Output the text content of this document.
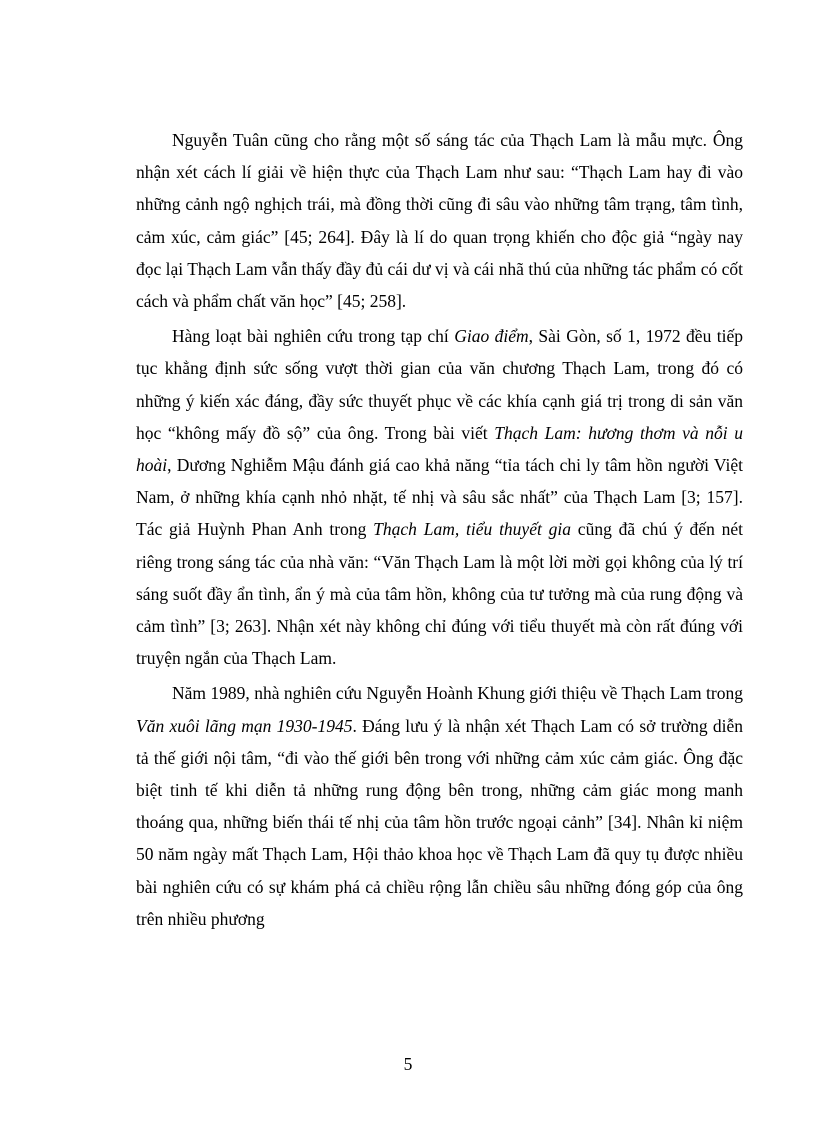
Nguyễn Tuân cũng cho rằng một số sáng tác của Thạch Lam là mẫu mực. Ông nhận xét cách lí giải về hiện thực của Thạch Lam như sau: “Thạch Lam hay đi vào những cảnh ngộ nghịch trái, mà đồng thời cũng đi sâu vào những tâm trạng, tâm tình, cảm xúc, cảm giác” [45; 264]. Đây là lí do quan trọng khiến cho độc giả “ngày nay đọc lại Thạch Lam vẫn thấy đầy đủ cái dư vị và cái nhã thú của những tác phẩm có cốt cách và phẩm chất văn học” [45; 258].

Hàng loạt bài nghiên cứu trong tạp chí Giao điểm, Sài Gòn, số 1, 1972 đều tiếp tục khẳng định sức sống vượt thời gian của văn chương Thạch Lam, trong đó có những ý kiến xác đáng, đầy sức thuyết phục về các khía cạnh giá trị trong di sản văn học “không mấy đồ sộ” của ông. Trong bài viết Thạch Lam: hương thơm và nỗi u hoài, Dương Nghiễm Mậu đánh giá cao khả năng “tỉa tách chi ly tâm hồn người Việt Nam, ở những khía cạnh nhỏ nhặt, tế nhị và sâu sắc nhất” của Thạch Lam [3; 157]. Tác giả Huỳnh Phan Anh trong Thạch Lam, tiểu thuyết gia cũng đã chú ý đến nét riêng trong sáng tác của nhà văn: “Văn Thạch Lam là một lời mời gọi không của lý trí sáng suốt đầy ẩn tình, ẩn ý mà của tâm hồn, không của tư tưởng mà của rung động và cảm tình” [3; 263]. Nhận xét này không chỉ đúng với tiểu thuyết mà còn rất đúng với truyện ngắn của Thạch Lam.

Năm 1989, nhà nghiên cứu Nguyễn Hoành Khung giới thiệu về Thạch Lam trong Văn xuôi lãng mạn 1930-1945. Đáng lưu ý là nhận xét Thạch Lam có sở trường diễn tả thế giới nội tâm, “đi vào thế giới bên trong với những cảm xúc cảm giác. Ông đặc biệt tinh tế khi diễn tả những rung động bên trong, những cảm giác mong manh thoáng qua, những biến thái tế nhị của tâm hồn trước ngoại cảnh” [34]. Nhân kỉ niệm 50 năm ngày mất Thạch Lam, Hội thảo khoa học về Thạch Lam đã quy tụ được nhiều bài nghiên cứu có sự khám phá cả chiều rộng lẫn chiều sâu những đóng góp của ông trên nhiều phương

5
